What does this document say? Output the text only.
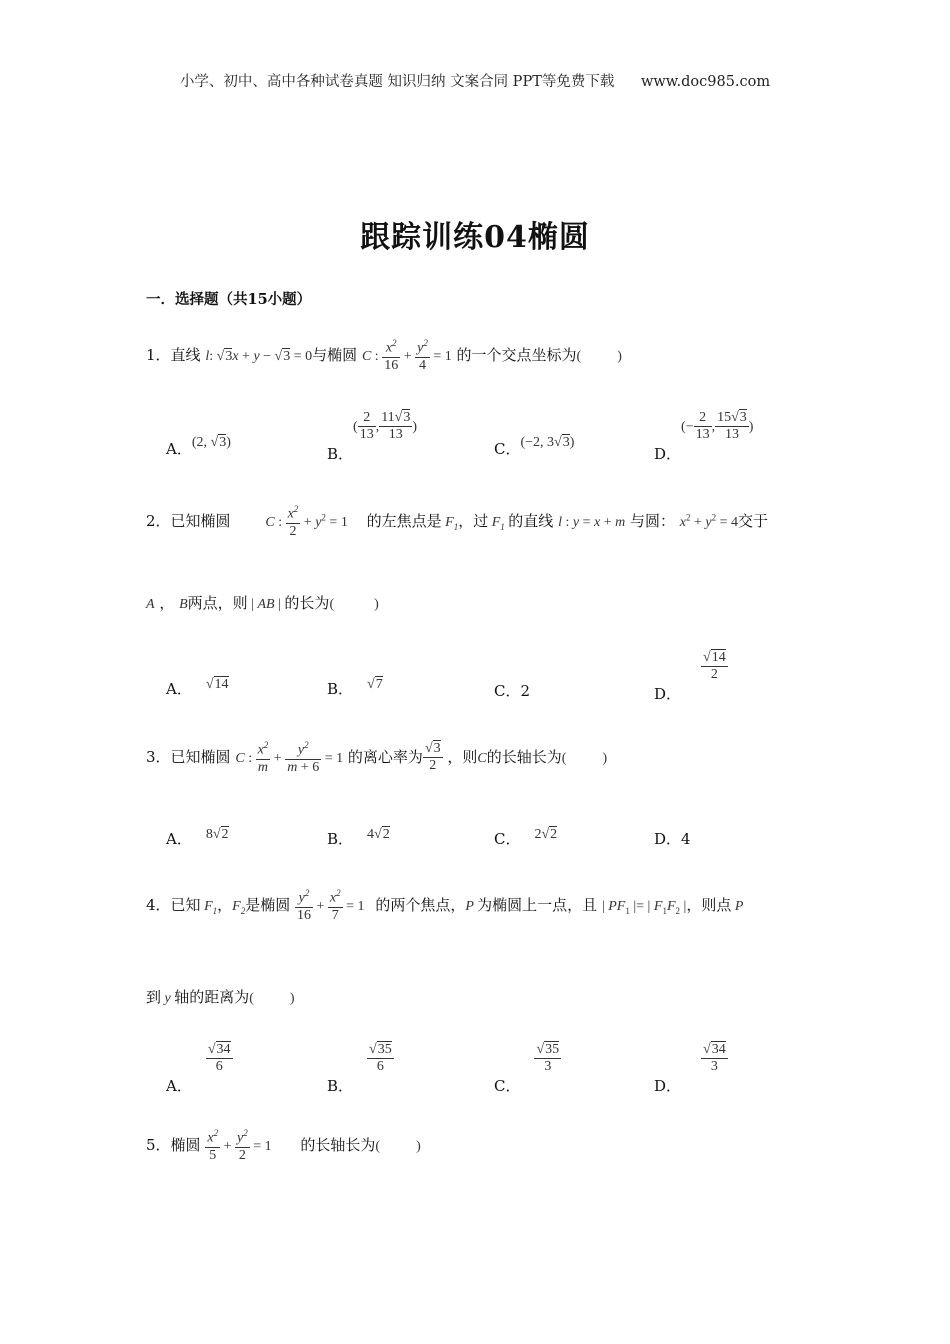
小学、初中、高中各种试卷真题 知识归纳 文案合同 PPT等免费下载 www.doc985.com
跟踪训练04椭圆
一．选择题（共15小题）
1．直线 l: √3x + y − √3 = 0与椭圆 C : $\frac{x^2}{16} + \frac{y^2}{4} = 1$ 的一个交点坐标为(	)
A．(2, √3)
B．( $\frac{2}{13}$ , $\frac{11√3}{13}$ )
C．(−2, 3√3)
D．(− $\frac{2}{13}$ , $\frac{15√3}{13}$ )
2．已知椭圆 C : $\frac{x^2}{2} + y^2 = 1$ 的左焦点是 $F_1$，过 $F_1$ 的直线 l : y = x + m 与圆： $x^2 + y^2 = 4$交于
A ， B两点，则 | AB | 的长为(	)
A． √14	B． √7	C．2	D．
$\frac{√14}{2}$
3．已知椭圆 C : $\frac{x^2}{m} + \frac{y^2}{m + 6} = 1$ 的离心率为 $\frac{√3}{2}$ ，则C的长轴长为(	)
A． 8√2	B． 4√2	C． 2√2	D．4
4．已知 $F_1$，$F_2$是椭圆 $\frac{y^2}{16} + \frac{x^2}{7} = 1$ 的两个焦点，P 为椭圆上一点，且 | $PF_1$ |= | $F_1F_2$ |，则点 P
到 y 轴的距离为(	)
A．
$\frac{√34}{6}$
B．
$\frac{√35}{6}$
C．
$\frac{√35}{3}$
D．
$\frac{√34}{3}$
5．椭圆 $\frac{x^2}{5} + \frac{y^2}{2} = 1$ 的长轴长为(	)
